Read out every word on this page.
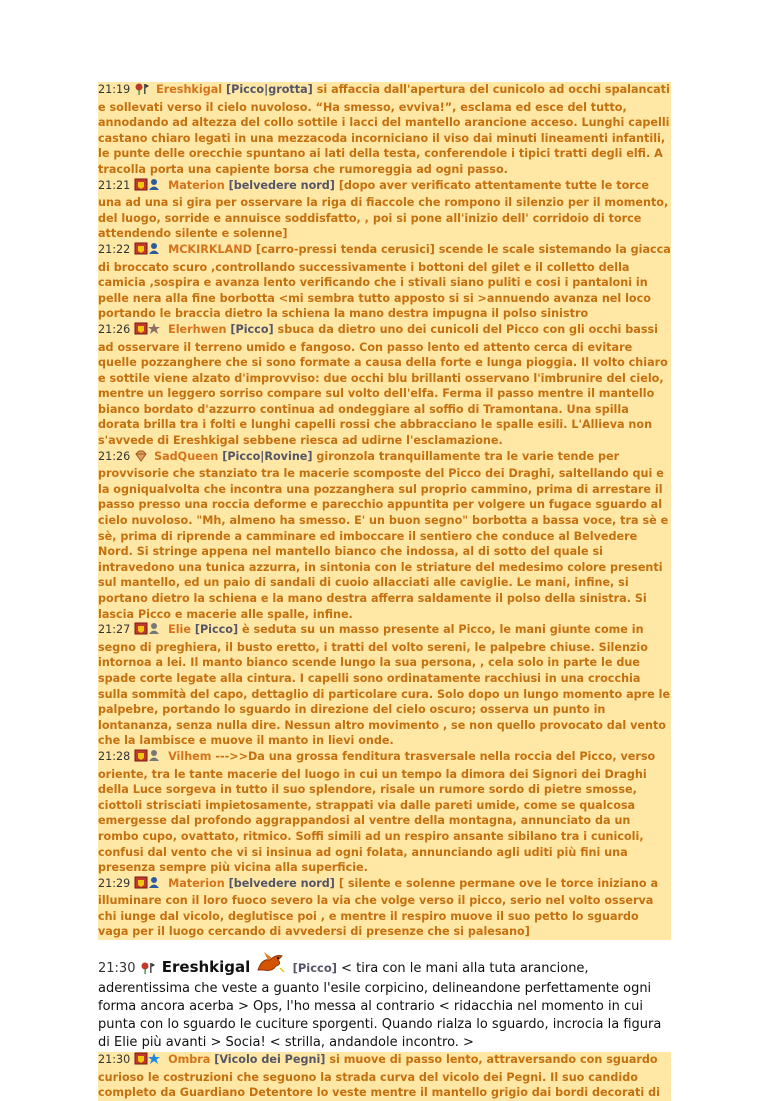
21:19 Ereshkigal [Picco|grotta] si affaccia dall'apertura del cunicolo ad occhi spalancati e sollevati verso il cielo nuvoloso. “Ha smesso, evviva!”, esclama ed esce del tutto, annodando ad altezza del collo sottile i lacci del mantello arancione acceso. Lunghi capelli castano chiaro legati in una mezzacoda incorniciano il viso dai minuti lineamenti infantili, le punte delle orecchie spuntano ai lati della testa, conferendole i tipici tratti degli elfi. A tracolla porta una capiente borsa che rumoreggia ad ogni passo.
21:21	Materion [belvedere nord] [dopo aver verificato attentamente tutte le torce una ad una si gira per osservare la riga di fiaccole che rompono il silenzio per il momento, del luogo, sorride e annuisce soddisfatto, , poi si pone all'inizio dell' corridoio di torce attendendo silente e solenne]
21:22	MCKIRKLAND [carro-pressi tenda cerusici] scende le scale sistemando la giacca di broccato scuro ,controllando successivamente i bottoni del gilet e il colletto della camicia ,sospira e avanza lento verificando che i stivali siano puliti e cosi i pantaloni in pelle nera alla fine borbotta <mi sembra tutto apposto si si >annuendo avanza nel loco portando le braccia dietro la schiena la mano destra impugna il polso sinistro
21:26	Elerhwen [Picco] sbuca da dietro uno dei cunicoli del Picco con gli occhi bassi ad osservare il terreno umido e fangoso. Con passo lento ed attento cerca di evitare quelle pozzanghere che si sono formate a causa della forte e lunga pioggia. Il volto chiaro e sottile viene alzato d'improvviso: due occhi blu brillanti osservano l'imbrunire del cielo, mentre un leggero sorriso compare sul volto dell'elfa. Ferma il passo mentre il mantello bianco bordato d'azzurro continua ad ondeggiare al soffio di Tramontana. Una spilla dorata brilla tra i folti e lunghi capelli rossi che abbracciano le spalle esili. L'Allieva non s'avvede di Ereshkigal sebbene riesca ad udirne l'esclamazione.
21:26 SadQueen [Picco|Rovine] gironzola tranquillamente tra le varie tende per provvisorie che stanziato tra le macerie scomposte del Picco dei Draghi, saltellando qui e la ogniqualvolta che incontra una pozzanghera sul proprio cammino, prima di arrestare il passo presso una roccia deforme e parecchio appuntita per volgere un fugace sguardo al cielo nuvoloso. "Mh, almeno ha smesso. E' un buon segno" borbotta a bassa voce, tra sè e sè, prima di riprende a camminare ed imboccare il sentiero che conduce al Belvedere Nord. Si stringe appena nel mantello bianco che indossa, al di sotto del quale si intravedono una tunica azzurra, in sintonia con le striature del medesimo colore presenti sul mantello, ed un paio di sandali di cuoio allacciati alle caviglie. Le mani, infine, si portano dietro la schiena e la mano destra afferra saldamente il polso della sinistra. Si lascia Picco e macerie alle spalle, infine.
21:27	Elie [Picco] è seduta su un masso presente al Picco, le mani giunte come in segno di preghiera, il busto eretto, i tratti del volto sereni, le palpebre chiuse. Silenzio intornoa a lei. Il manto bianco scende lungo la sua persona, , cela solo in parte le due spade corte legate alla cintura. I capelli sono ordinatamente racchiusi in una crocchia sulla sommità del capo, dettaglio di particolare cura. Solo dopo un lungo momento apre le palpebre, portando lo sguardo in direzione del cielo oscuro; osserva un punto in lontananza, senza nulla dire. Nessun altro movimento , se non quello provocato dal vento che la lambisce e muove il manto in lievi onde.
21:28	Vilhem --->>Da una grossa fenditura trasversale nella roccia del Picco, verso oriente, tra le tante macerie del luogo in cui un tempo la dimora dei Signori dei Draghi della Luce sorgeva in tutto il suo splendore, risale un rumore sordo di pietre smosse, ciottoli strisciati impietosamente, strappati via dalle pareti umide, come se qualcosa emergesse dal profondo aggrappandosi al ventre della montagna, annunciato da un rombo cupo, ovattato, ritmico. Soffi simili ad un respiro ansante sibilano tra i cunicoli, confusi dal vento che vi si insinua ad ogni folata, annunciando agli uditi più fini una presenza sempre più vicina alla superficie.
21:29	Materion [belvedere nord] [ silente e solenne permane ove le torce iniziano a illuminare con il loro fuoco severo la via che volge verso il picco, serio nel volto osserva chi iunge dal vicolo, deglutisce poi , e mentre il respiro muove il suo petto lo sguardo vaga per il luogo cercando di avvedersi di presenze che si palesano]
21:30 Ereshkigal	[Picco] < tira con le mani alla tuta arancione, aderentissima che veste a guanto l'esile corpicino, delineandone perfettamente ogni forma ancora acerba > Ops, l'ho messa al contrario < ridacchia nel momento in cui punta con lo sguardo le cuciture sporgenti. Quando rialza lo sguardo, incrocia la figura di Elie più avanti > Socia! < strilla, andandole incontro. >
21:30	Ombra [Vicolo dei Pegni] si muove di passo lento, attraversando con sguardo curioso le costruzioni che seguono la strada curva del vicolo dei Pegni. Il suo candido completo da Guardiano Detentore lo veste mentre il mantello grigio dai bordi decorati di
